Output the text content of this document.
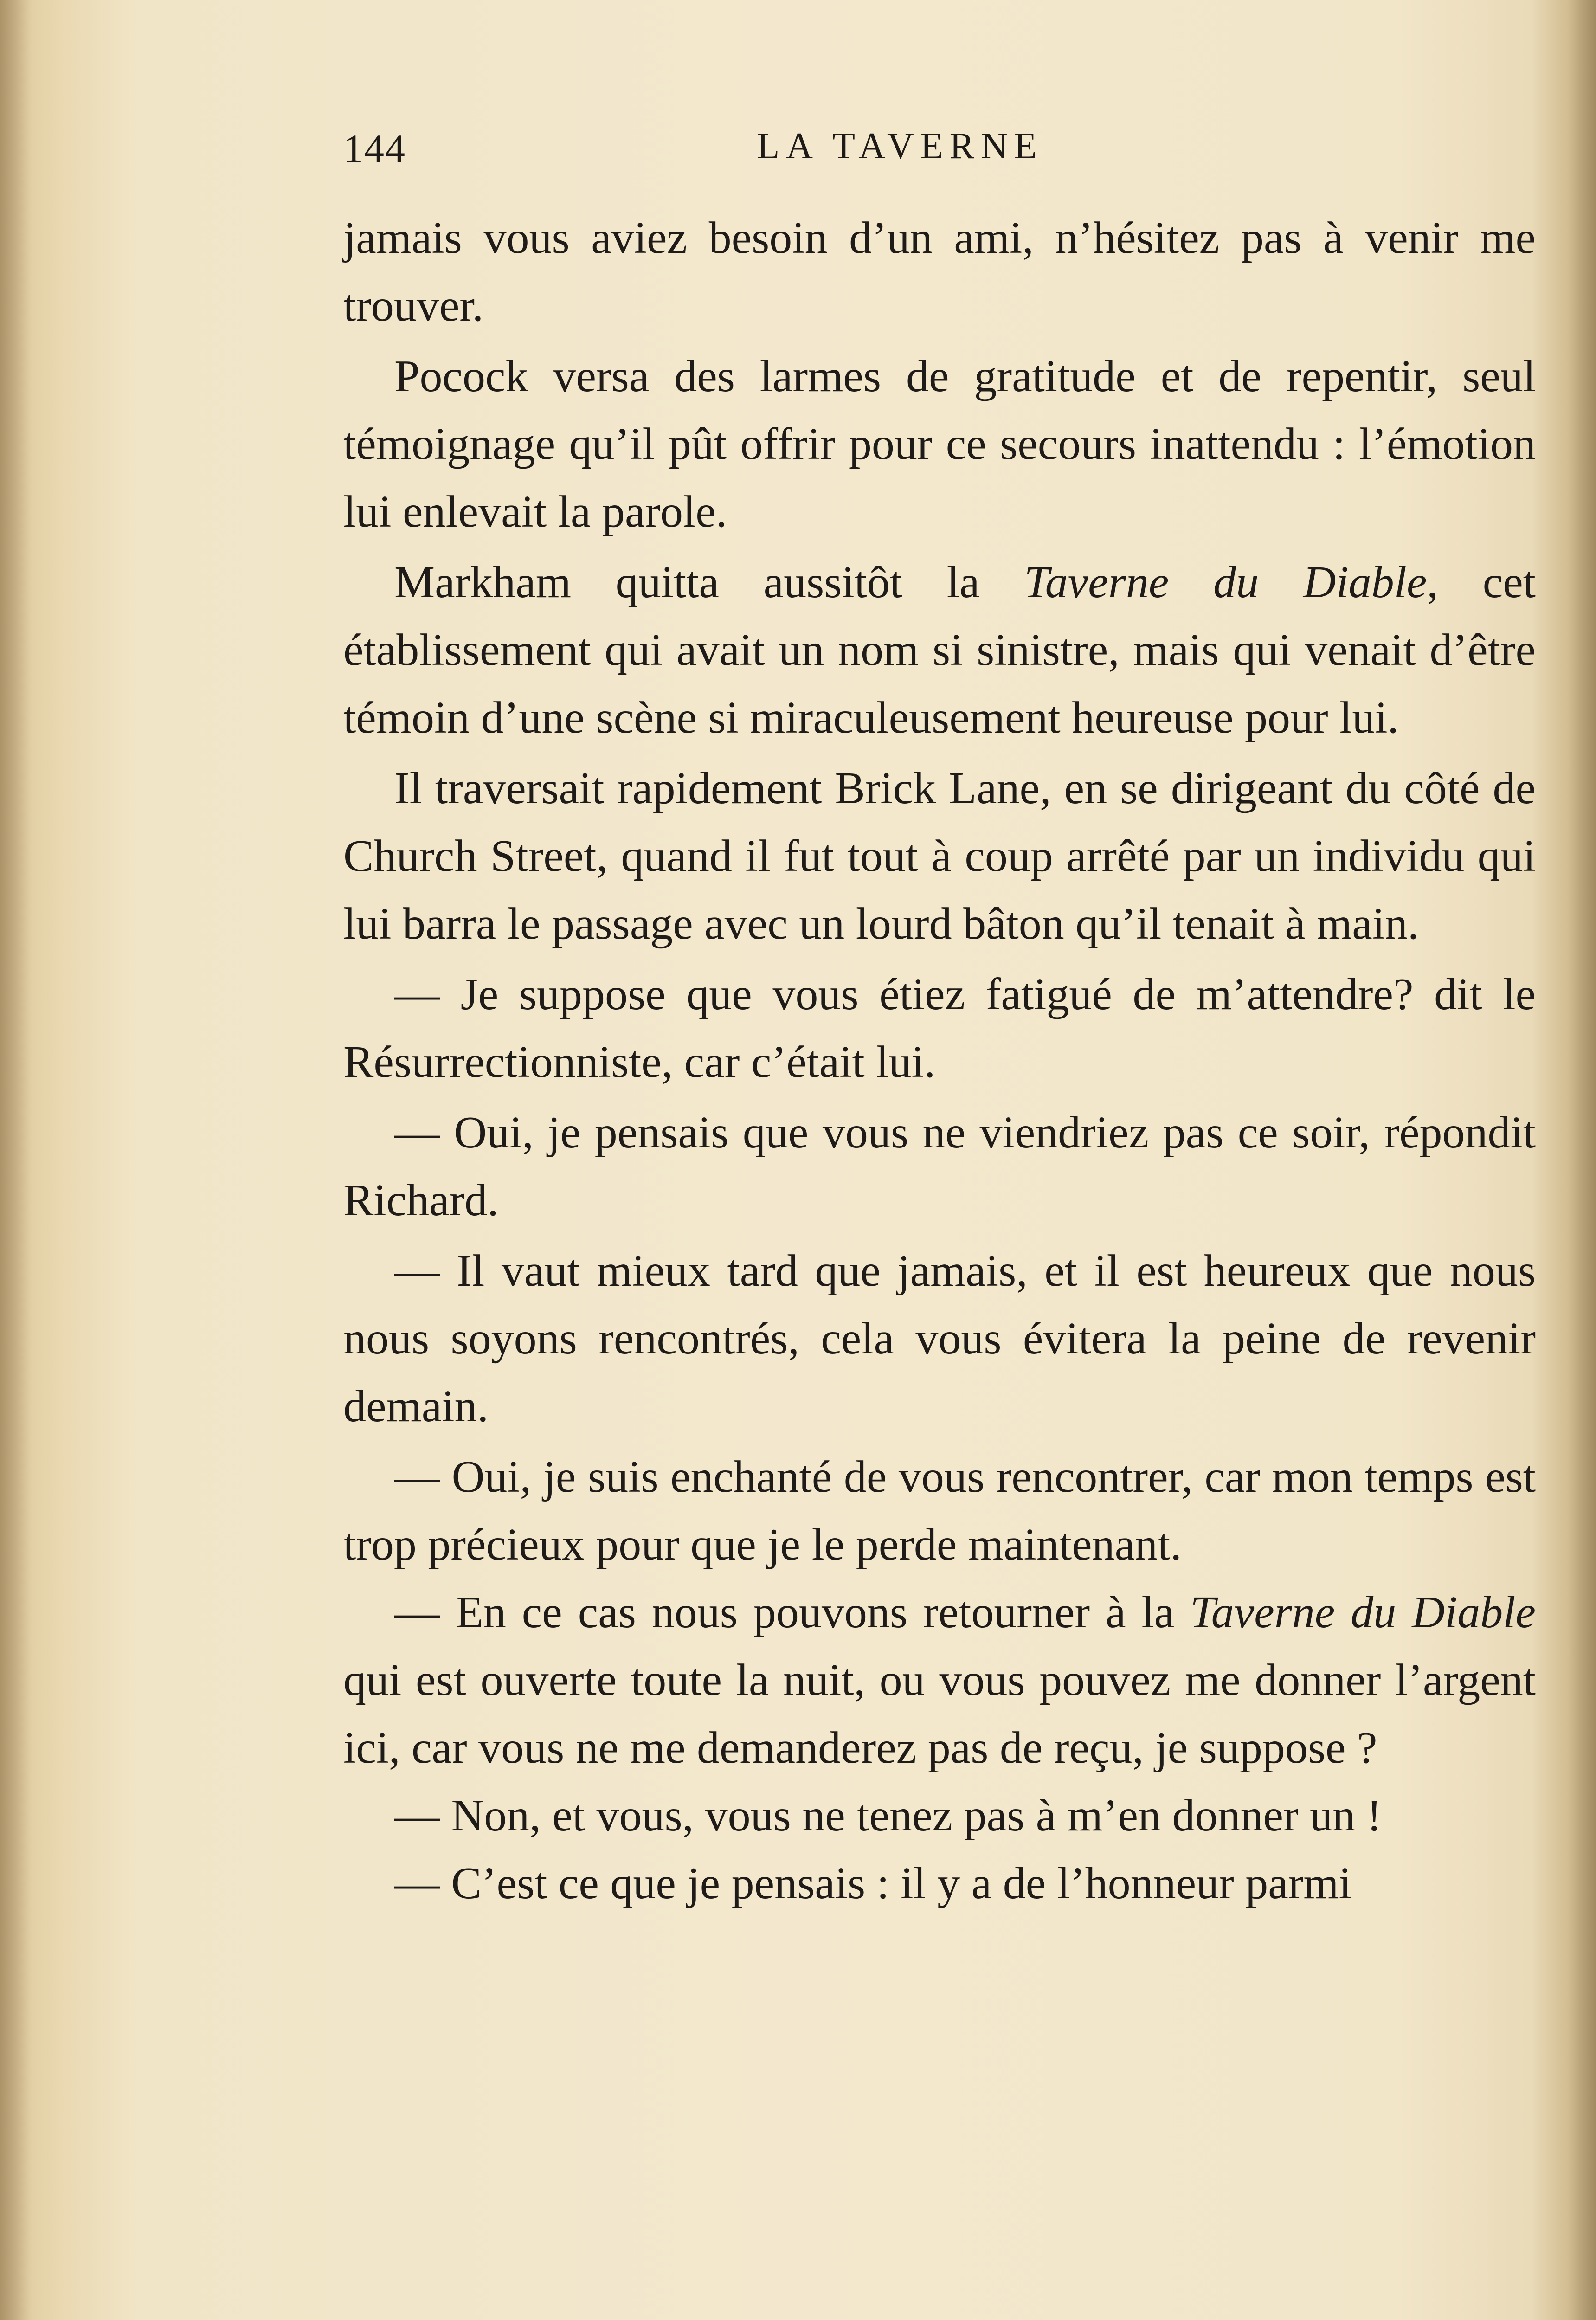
144	LA TAVERNE

jamais vous aviez besoin d’un ami, n’hésitez pas à venir me trouver.

Pocock versa des larmes de gratitude et de repentir, seul témoignage qu’il pût offrir pour ce secours inattendu : l’émotion lui enlevait la parole.

Markham quitta aussitôt la Taverne du Diable, cet établissement qui avait un nom si sinistre, mais qui venait d’être témoin d’une scène si miraculeusement heureuse pour lui.

Il traversait rapidement Brick Lane, en se dirigeant du côté de Church Street, quand il fut tout à coup arrêté par un individu qui lui barra le passage avec un lourd bâton qu’il tenait à main.

— Je suppose que vous étiez fatigué de m’attendre? dit le Résurrectionniste, car c’était lui.

— Oui, je pensais que vous ne viendriez pas ce soir, répondit Richard.

— Il vaut mieux tard que jamais, et il est heureux que nous nous soyons rencontrés, cela vous évitera la peine de revenir demain.

— Oui, je suis enchanté de vous rencontrer, car mon temps est trop précieux pour que je le perde maintenant.

— En ce cas nous pouvons retourner à la Taverne du Diable qui est ouverte toute la nuit, ou vous pouvez me donner l’argent ici, car vous ne me demanderez pas de reçu, je suppose ?

— Non, et vous, vous ne tenez pas à m’en donner un !

— C’est ce que je pensais : il y a de l’honneur parmi
